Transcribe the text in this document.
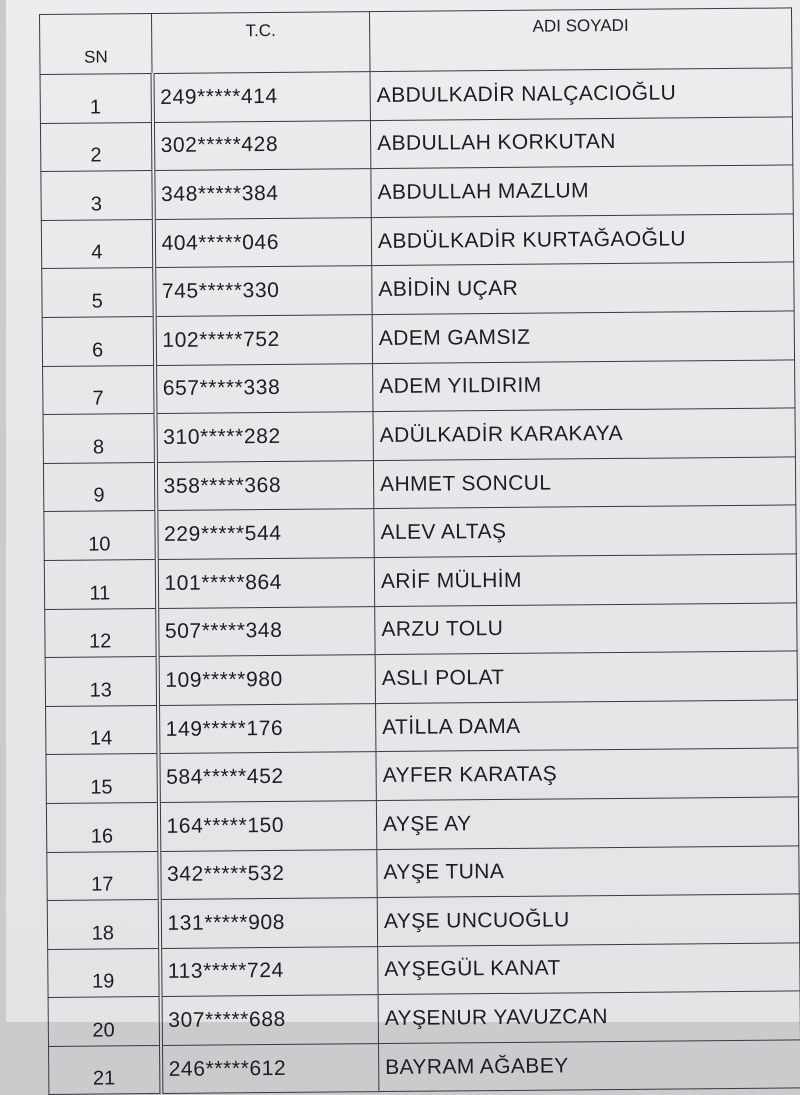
SN	T.C.	ADI SOYADI
1	249*****414	ABDULKADİR NALÇACIOĞLU
2	302*****428	ABDULLAH KORKUTAN
3	348*****384	ABDULLAH MAZLUM
4	404*****046	ABDÜLKADİR KURTAĞAOĞLU
5	745*****330	ABİDİN UÇAR
6	102*****752	ADEM GAMSIZ
7	657*****338	ADEM YILDIRIM
8	310*****282	ADÜLKADİR KARAKAYA
9	358*****368	AHMET SONCUL
10	229*****544	ALEV ALTAŞ
11	101*****864	ARİF MÜLHİM
12	507*****348	ARZU TOLU
13	109*****980	ASLI POLAT
14	149*****176	ATİLLA DAMA
15	584*****452	AYFER KARATAŞ
16	164*****150	AYŞE AY
17	342*****532	AYŞE TUNA
18	131*****908	AYŞE UNCUOĞLU
19	113*****724	AYŞEGÜL KANAT
20	307*****688	AYŞENUR YAVUZCAN
21	246*****612	BAYRAM AĞABEY
